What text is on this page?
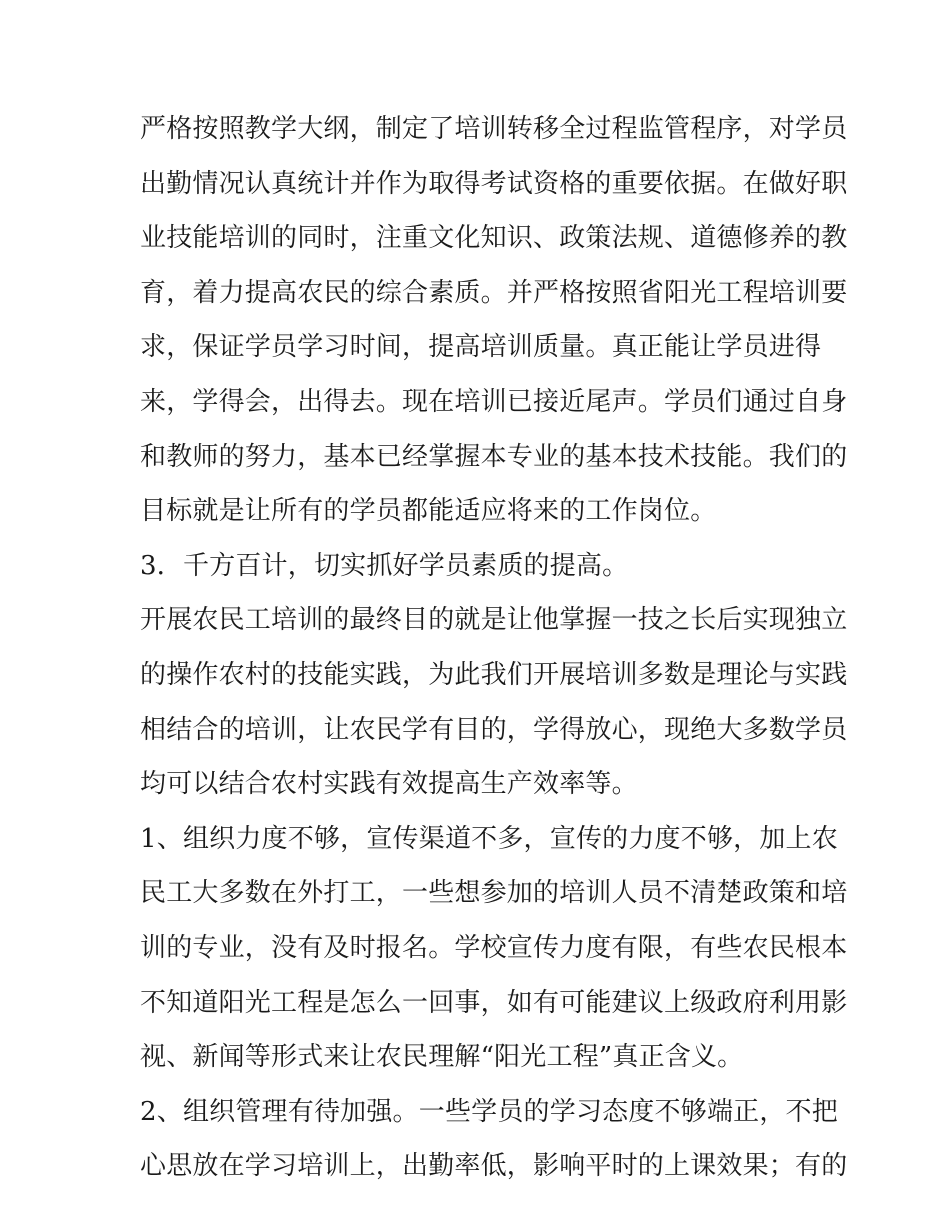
严格按照教学大纲，制定了培训转移全过程监管程序，对学员
出勤情况认真统计并作为取得考试资格的重要依据。在做好职
业技能培训的同时，注重文化知识、政策法规、道德修养的教
育，着力提高农民的综合素质。并严格按照省阳光工程培训要
求，保证学员学习时间，提高培训质量。真正能让学员进得
来，学得会，出得去。现在培训已接近尾声。学员们通过自身
和教师的努力，基本已经掌握本专业的基本技术技能。我们的
目标就是让所有的学员都能适应将来的工作岗位。
3．千方百计，切实抓好学员素质的提高。
开展农民工培训的最终目的就是让他掌握一技之长后实现独立
的操作农村的技能实践，为此我们开展培训多数是理论与实践
相结合的培训，让农民学有目的，学得放心，现绝大多数学员
均可以结合农村实践有效提高生产效率等。
1、组织力度不够，宣传渠道不多，宣传的力度不够，加上农
民工大多数在外打工，一些想参加的培训人员不清楚政策和培
训的专业，没有及时报名。学校宣传力度有限，有些农民根本
不知道阳光工程是怎么一回事，如有可能建议上级政府利用影
视、新闻等形式来让农民理解“阳光工程”真正含义。
2、组织管理有待加强。一些学员的学习态度不够端正，不把
心思放在学习培训上，出勤率低，影响平时的上课效果；有的
